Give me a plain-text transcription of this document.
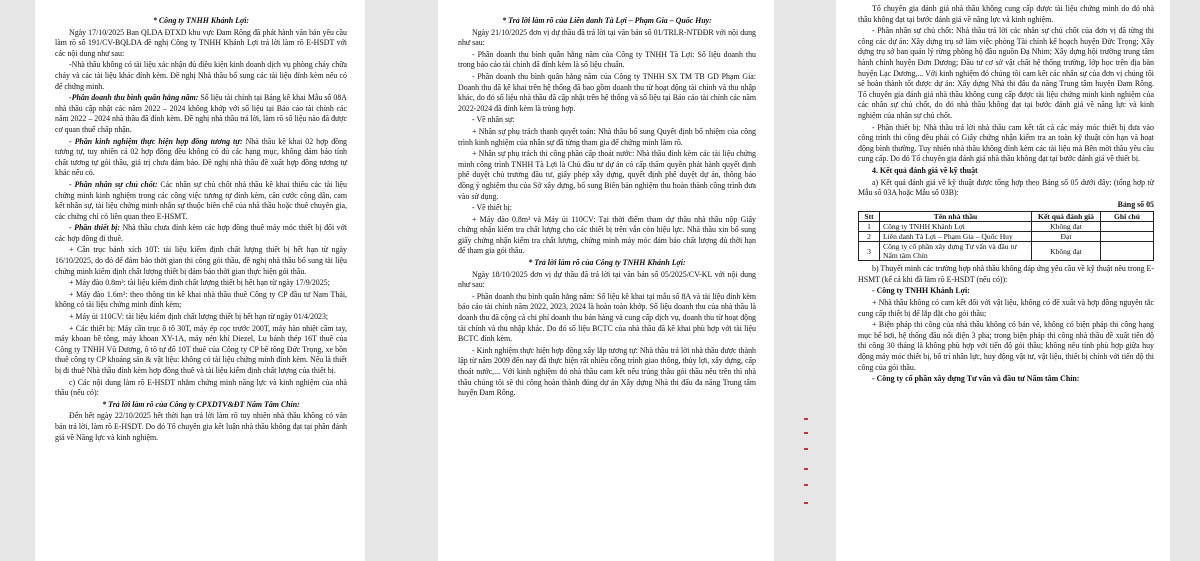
* Công ty TNHH Khánh Lợi:

Ngày 17/10/2025 Ban QLDA ĐTXD khu vực Đam Rông đã phát hành văn bản yêu cầu làm rõ số 191/CV-BQLDA đề nghị Công ty TNHH Khánh Lợi trả lời làm rõ E-HSDT với các nội dung như sau:

-Nhà thầu không có tài liệu xác nhận đủ điều kiện kinh doanh dịch vụ phòng cháy chữa cháy và các tài liệu khác đính kèm. Đề nghị Nhà thầu bổ sung các tài liệu đính kèm nếu có để chứng minh.

-Phần doanh thu bình quân hằng năm: Số liệu tài chính tại Bảng kê khai Mẫu số 08A nhà thầu cập nhật các năm 2022 – 2024 không khớp với số liệu tại Báo cáo tài chính các năm 2022 – 2024 nhà thầu đã đính kèm. Đề nghị nhà thầu trả lời, làm rõ số liệu nào đã được cơ quan thuế chấp nhận.

- Phần kinh nghiệm thực hiện hợp đồng tương tự: Nhà thầu kê khai 02 hợp đồng tương tự, tuy nhiên cả 02 hợp đồng đều không có đủ các hạng mục, không đảm bảo tính chất tương tự gói thầu, giá trị chưa đảm bảo. Đề nghị nhà thầu đề xuất hợp đồng tương tự khác nếu có.

- Phần nhân sự chủ chốt: Các nhân sự chủ chốt nhà thầu kê khai thiếu các tài liệu chứng minh kinh nghiệm trong các công việc tương tự đính kèm, căn cước công dân, cam kết nhân sự, tài liệu chứng minh nhân sự thuộc biên chế của nhà thầu hoặc thuê chuyên gia, các chứng chỉ có liên quan theo E-HSMT.

- Phần thiết bị: Nhà thầu chưa đính kèm các hợp đồng thuê máy móc thiết bị đối với các hợp đồng đi thuê.

+ Cần trục bánh xích 10T: tài liệu kiểm định chất lượng thiết bị hết hạn từ ngày 16/10/2025, do đó để đảm bảo thời gian thi công gói thầu, đề nghị nhà thầu bổ sung tài liệu chứng minh kiểm định chất lượng thiết bị đảm bảo thời gian thực hiện gói thầu.

+ Máy đào 0.8m³: tài liệu kiểm định chất lượng thiết bị hết hạn từ ngày 17/9/2025;

+ Máy đào 1.6m³: theo thông tin kê khai nhà thầu thuê Công ty CP đầu tư Nam Thái, không có tài liệu chứng minh đính kèm;

+ Máy ủi 110CV: tài liệu kiểm định chất lượng thiết bị hết hạn từ ngày 01/4/2023;

+ Các thiết bị: Máy cần trục ô tô 30T, máy ép cọc trước 200T, máy hàn nhiệt cầm tay, máy khoan bê tông, máy khoan XY-1A, máy nén khí Diezel, Lu bánh thép 16T thuê của Công ty TNHH Vũ Dương, ô tô tự đổ 10T thuê của Công ty CP bê tông Đức Trọng, xe bồn thuê công ty CP khoáng sản & vật liệu: không có tài liệu chứng minh đính kèm. Nếu là thiết bị đi thuê Nhà thầu đính kèm hợp đồng thuê và tài liệu kiểm định chất lượng của thiết bị.

c) Các nội dung làm rõ E-HSDT nhằm chứng minh năng lực và kinh nghiệm của nhà thầu (nếu có):

* Trả lời làm rõ của Công ty CPXDTV&ĐT Nấm Tâm Chín:

Đến hết ngày 22/10/2025 hết thời hạn trả lời làm rõ tuy nhiên nhà thầu không có văn bản trả lời, làm rõ E-HSDT. Do đó Tổ chuyên gia kết luận nhà thầu không đạt tại phần đánh giá về Năng lực và kinh nghiệm.

* Trả lời làm rõ của Liên danh Tà Lợi – Phạm Gia – Quốc Huy:

Ngày 21/10/2025 đơn vị dự thầu đã trả lời tại văn bản số 01/TRLR-NTĐĐR với nội dung như sau:

- Phần doanh thu bình quân hằng năm của Công ty TNHH Tà Lợi: Số liệu doanh thu trong báo cáo tài chính đã đính kèm là số liệu chuẩn.

- Phần doanh thu bình quân hằng năm của Công ty TNHH SX TM TB GD Phạm Gia: Doanh thu đã kê khai trên hệ thống đã bao gồm doanh thu từ hoạt động tài chính và thu nhập khác, do đó số liệu nhà thầu đã cập nhật trên hệ thống và số liệu tại Báo cáo tài chính các năm 2022-2024 đã đính kèm là trùng hợp.

- Về nhân sự:

+ Nhân sự phụ trách thanh quyết toán: Nhà thầu bổ sung Quyết định bổ nhiệm của công trình kinh nghiệm của nhân sự đã từng tham gia để chứng minh làm rõ.

+ Nhân sự phụ trách thi công phần cấp thoát nước: Nhà thầu đính kèm các tài liệu chứng minh công trình TNHH Tà Lợi là Chủ đầu tư dự án có cấp thẩm quyền phát hành quyết định phê duyệt chủ trương đầu tư, giấy phép xây dựng, quyết định phê duyệt dự án, thông báo đồng ý nghiệm thu của Sở xây dựng, bổ sung Biên bản nghiệm thu hoàn thành công trình đưa vào sử dụng.

- Về thiết bị:

+ Máy đào 0.8m³ và Máy ủi 110CV: Tại thời điểm tham dự thầu nhà thầu nộp Giấy chứng nhận kiểm tra chất lượng cho các thiết bị trên vẫn còn hiệu lực. Nhà thầu xin bổ sung giấy chứng nhận kiểm tra chất lượng, chứng minh máy móc đảm bảo chất lượng đủ thời hạn để tham gia gói thầu.

* Trả lời làm rõ của Công ty TNHH Khánh Lợi:

Ngày 18/10/2025 đơn vị dự thầu đã trả lời tại văn bản số 05/2025/CV-KL với nội dung như sau:

- Phần doanh thu bình quân hằng năm: Số liệu kê khai tại mẫu số 8A và tài liệu đính kèm báo cáo tài chính năm 2022, 2023, 2024 là hoàn toàn khớp. Số liệu doanh thu của nhà thầu là doanh thu đã cộng cả chi phí doanh thu bán hàng và cung cấp dịch vụ, doanh thu từ hoạt động tài chính và thu nhập khác. Do đó số liệu BCTC của nhà thầu đã kê khai phù hợp với tài liệu BCTC đính kèm.

- Kinh nghiệm thực hiện hợp đồng xây lắp tương tự: Nhà thầu trả lời nhà thầu được thành lập từ năm 2009 đến nay đã thực hiện rất nhiều công trình giao thông, thủy lợi, xây dựng, cấp thoát nước,... Với kinh nghiệm đó nhà thầu cam kết nếu trúng thầu gói thầu nêu trên thì nhà thầu chúng tôi sẽ thi công hoàn thành đúng dự án Xây dựng Nhà thi đấu đa năng Trung tâm huyện Đam Rông.

Tổ chuyên gia đánh giá nhà thầu không cung cấp được tài liệu chứng minh do đó nhà thầu không đạt tại bước đánh giá về năng lực và kinh nghiệm.

- Phần nhân sự chủ chốt: Nhà thầu trả lời các nhân sự chủ chốt của đơn vị đã từng thi công các dự án: Xây dựng trụ sở làm việc phòng Tài chính kế hoạch huyện Đức Trọng; Xây dựng trụ sở ban quản lý rừng phòng hộ đầu nguồn Đạ Nhim; Xây dựng hội trường trung tâm hành chính huyện Đơn Dương; Đầu tư cơ sở vật chất hệ thống trường, lớp học trên địa bàn huyện Lạc Dương,... Với kinh nghiệm đó chúng tôi cam kết các nhân sự của đơn vị chúng tôi sẽ hoàn thành tốt được dự án: Xây dựng Nhà thi đấu đa năng Trung tâm huyện Đam Rông. Tổ chuyên gia đánh giá nhà thầu không cung cấp được tài liệu chứng minh kinh nghiệm của các nhân sự chủ chốt, do đó nhà thầu không đạt tại bước đánh giá về năng lực và kinh nghiệm của nhân sự chủ chốt.

- Phần thiết bị: Nhà thầu trả lời nhà thầu cam kết tất cả các máy móc thiết bị đưa vào công trình thi công đều phải có Giấy chứng nhận kiểm tra an toàn kỹ thuật còn hạn và hoạt động bình thường. Tuy nhiên nhà thầu không đính kèm các tài liệu mà Bên mời thầu yêu cầu cung cấp. Do đó Tổ chuyên gia đánh giá nhà thầu không đạt tại bước đánh giá về thiết bị.

4. Kết quả đánh giá về kỹ thuật

a) Kết quả đánh giá về kỹ thuật được tổng hợp theo Bảng số 05 dưới đây: (tổng hợp từ Mẫu số 03A hoặc Mẫu số 03B):

Bảng số 05

Stt	Tên nhà thầu	Kết quả đánh giá	Ghi chú
1	Công ty TNHH Khánh Lợi	Không đạt	
2	Liên danh Tà Lợi – Phạm Gia – Quốc Huy	Đạt	
3	Công ty cổ phần xây dựng Tư vấn và đầu tư Nấm tâm Chín	Không đạt	

b) Thuyết minh các trường hợp nhà thầu không đáp ứng yêu cầu về kỹ thuật nêu trong E-HSMT (kể cả khi đã làm rõ E-HSDT (nếu có)):

- Công ty TNHH Khánh Lợi:

+ Nhà thầu không có cam kết đối với vật liệu, không có đề xuất và hợp đồng nguyên tắc cung cấp thiết bị để lắp đặt cho gói thầu;

+ Biện pháp thi công của nhà thầu không có bản vẽ, không có biện pháp thi công hạng mục bể bơi, hệ thống đầu nối điện 3 pha; trong biện pháp thi công nhà thầu đề xuất tiến độ thi công 30 tháng là không phù hợp với tiến độ gói thầu; không nêu tính phù hợp giữa huy động máy móc thiết bị, bố trí nhân lực, huy động vật tư, vật liệu, thiết bị chính với tiến độ thi công của gói thầu.

- Công ty cổ phần xây dựng Tư vấn và đầu tư Nấm tâm Chín:
